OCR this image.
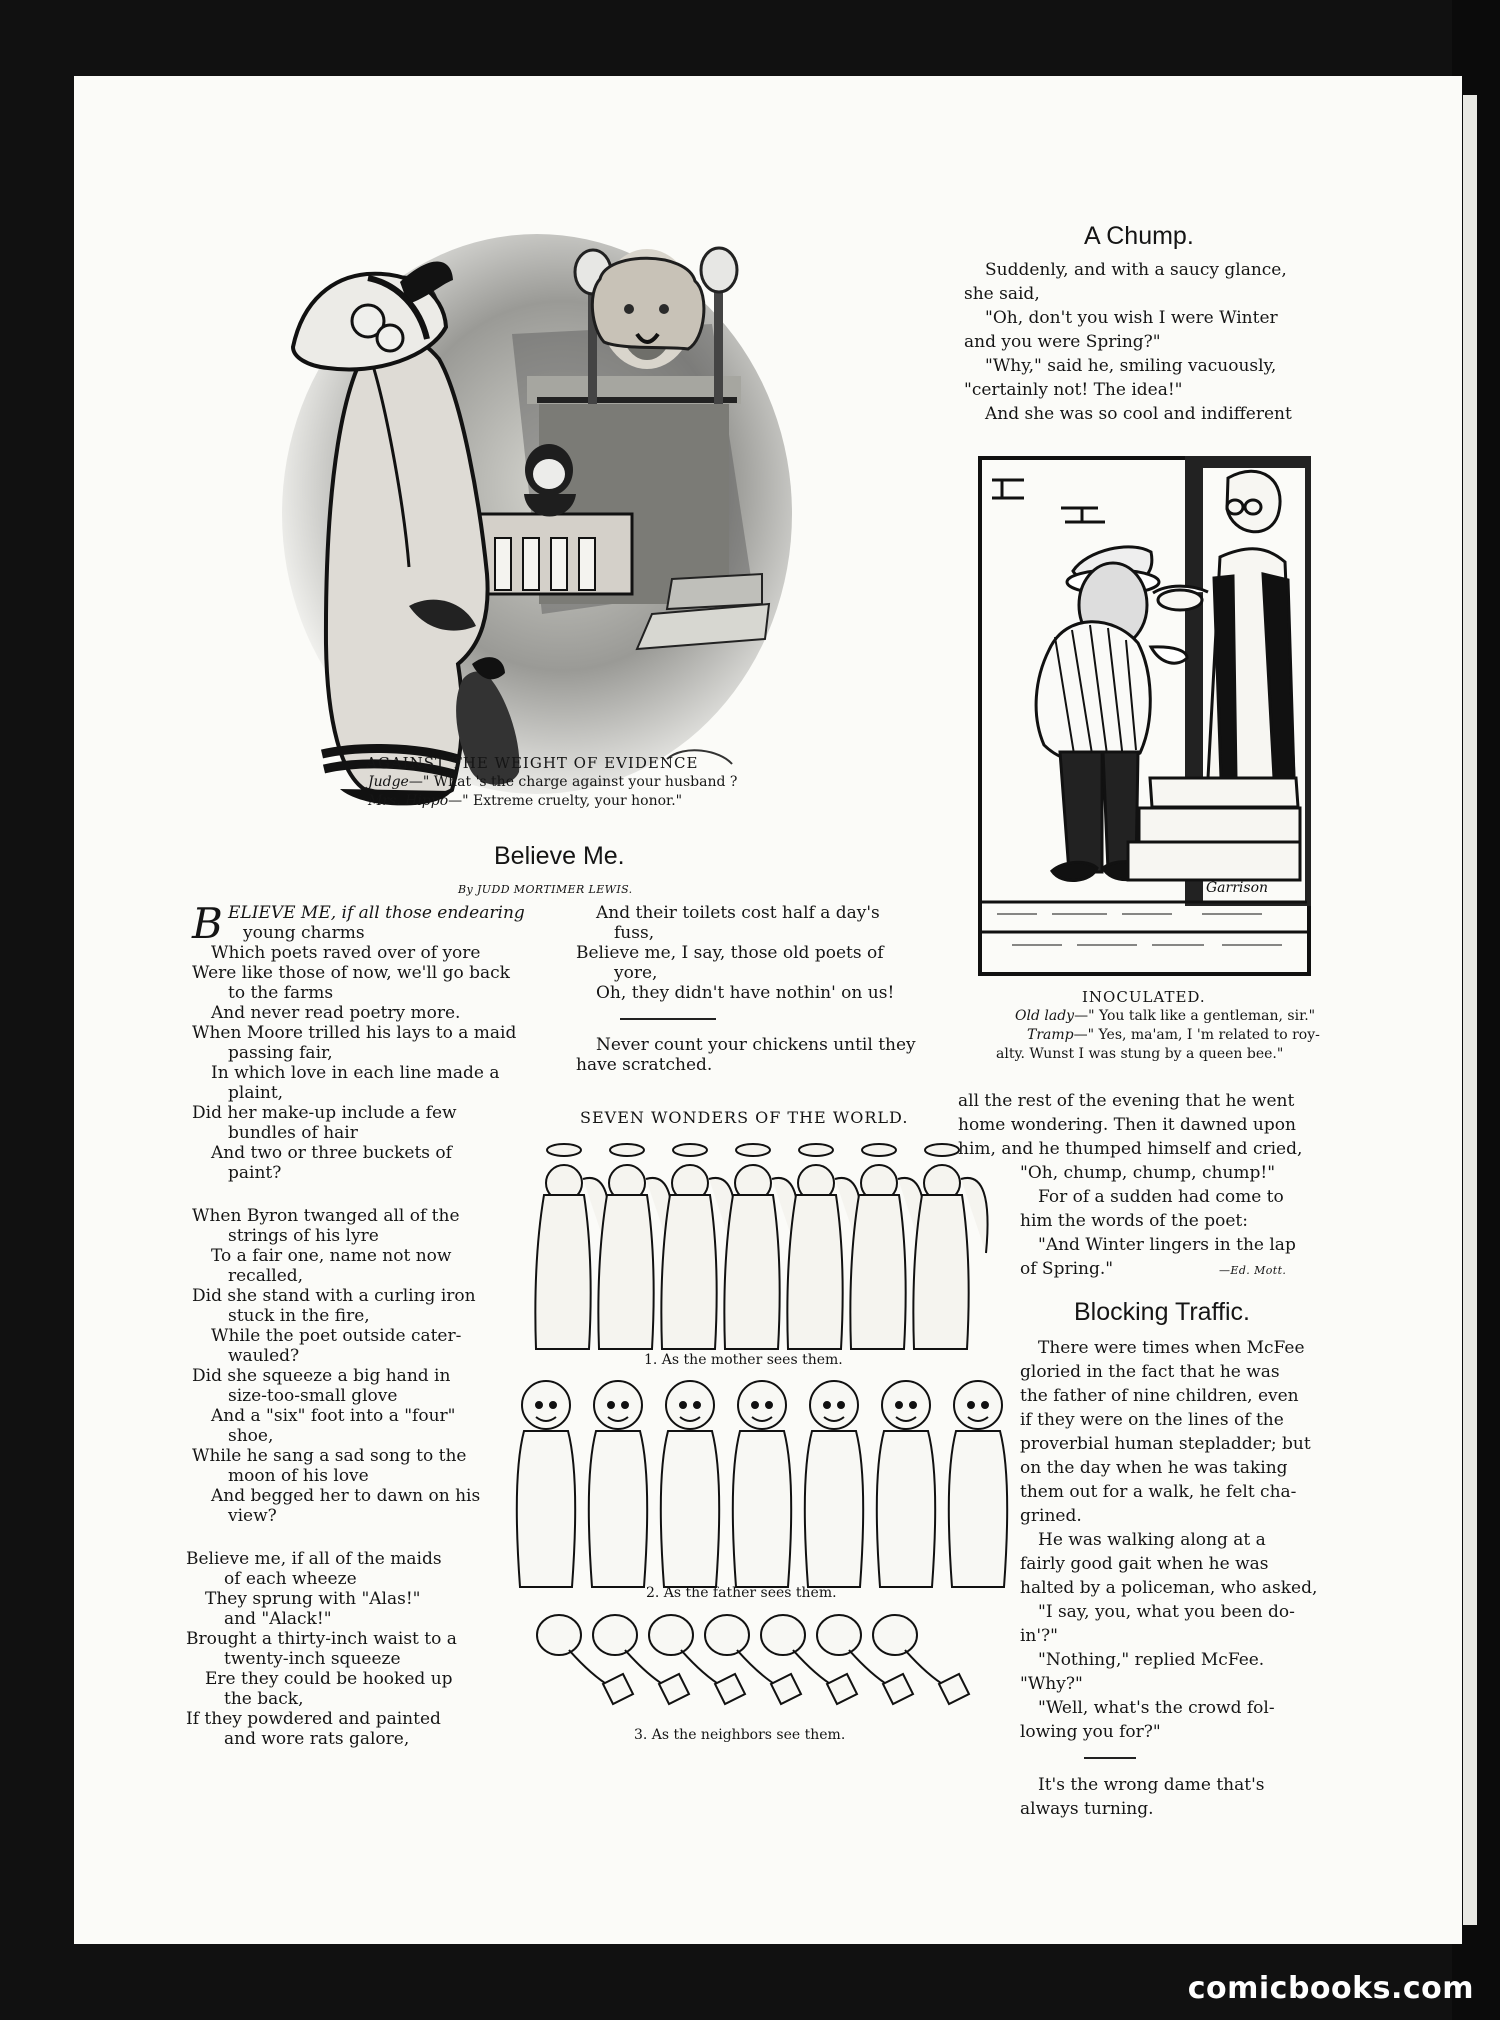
AGAINST THE WEIGHT OF EVIDENCE
Judge—" What 's the charge against your husband ?
Mrs. Hippo—" Extreme cruelty, your honor."
Believe Me.
By JUDD MORTIMER LEWIS.
B ELIEVE ME, if all those endearing
young charms
Which poets raved over of yore
Were like those of now, we'll go back
to the farms
And never read poetry more.
When Moore trilled his lays to a maid
passing fair,
In which love in each line made a
plaint,
Did her make-up include a few
bundles of hair
And two or three buckets of
paint?
When Byron twanged all of the
strings of his lyre
To a fair one, name not now
recalled,
Did she stand with a curling iron
stuck in the fire,
While the poet outside cater-
wauled?
Did she squeeze a big hand in
size-too-small glove
And a "six" foot into a "four"
shoe,
While he sang a sad song to the
moon of his love
And begged her to dawn on his
view?
Believe me, if all of the maids
of each wheeze
They sprung with "Alas!"
and "Alack!"
Brought a thirty-inch waist to a
twenty-inch squeeze
Ere they could be hooked up
the back,
If they powdered and painted
and wore rats galore,
And their toilets cost half a day's
fuss,
Believe me, I say, those old poets of
yore,
Oh, they didn't have nothin' on us!
Never count your chickens until they
have scratched.
SEVEN WONDERS OF THE WORLD.
1. As the mother sees them.
2. As the father sees them.
3. As the neighbors see them.
A Chump.
Suddenly, and with a saucy glance,
she said,
"Oh, don't you wish I were Winter
and you were Spring?"
"Why," said he, smiling vacuously,
"certainly not! The idea!"
And she was so cool and indifferent
Garrison
INOCULATED.
Old lady—" You talk like a gentleman, sir."
Tramp—" Yes, ma'am, I 'm related to roy-
alty. Wunst I was stung by a queen bee."
all the rest of the evening that he went
home wondering. Then it dawned upon
him, and he thumped himself and cried,
"Oh, chump, chump, chump!"
For of a sudden had come to
him the words of the poet:
"And Winter lingers in the lap
of Spring."	—Ed. Mott.
Blocking Traffic.
There were times when McFee
gloried in the fact that he was
the father of nine children, even
if they were on the lines of the
proverbial human stepladder; but
on the day when he was taking
them out for a walk, he felt cha-
grined.
He was walking along at a
fairly good gait when he was
halted by a policeman, who asked,
"I say, you, what you been do-
in'?"
"Nothing," replied McFee.
"Why?"
"Well, what's the crowd fol-
lowing you for?"
It's the wrong dame that's
always turning.
comicbooks.com
